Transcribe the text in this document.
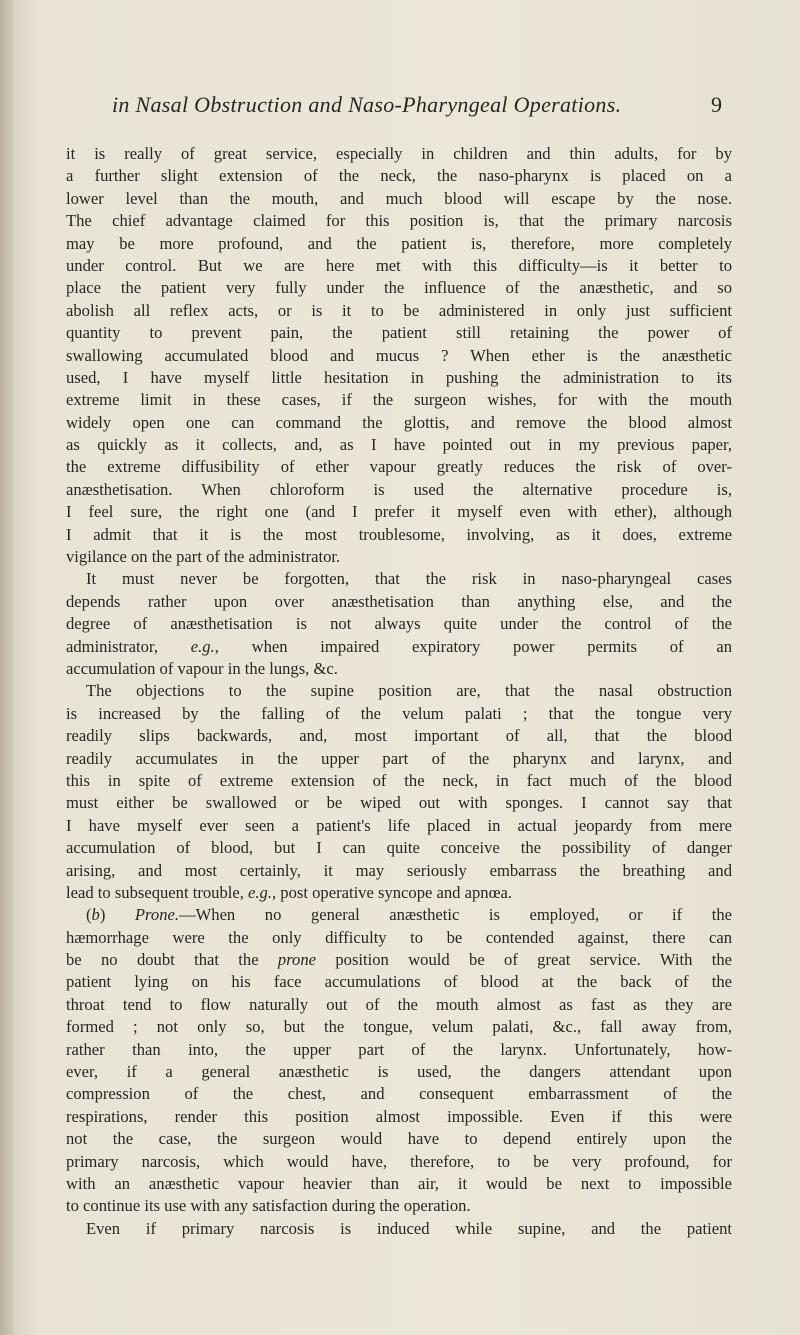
in Nasal Obstruction and Naso-Pharyngeal Operations.	9
it is really of great service, especially in children and thin adults, for by
a further slight extension of the neck, the naso-pharynx is placed on a
lower level than the mouth, and much blood will escape by the nose.
The chief advantage claimed for this position is, that the primary narcosis
may be more profound, and the patient is, therefore, more completely
under control. But we are here met with this difficulty—is it better to
place the patient very fully under the influence of the anæsthetic, and so
abolish all reflex acts, or is it to be administered in only just sufficient
quantity to prevent pain, the patient still retaining the power of
swallowing accumulated blood and mucus ? When ether is the anæsthetic
used, I have myself little hesitation in pushing the administration to its
extreme limit in these cases, if the surgeon wishes, for with the mouth
widely open one can command the glottis, and remove the blood almost
as quickly as it collects, and, as I have pointed out in my previous paper,
the extreme diffusibility of ether vapour greatly reduces the risk of over-
anæsthetisation. When chloroform is used the alternative procedure is,
I feel sure, the right one (and I prefer it myself even with ether), although
I admit that it is the most troublesome, involving, as it does, extreme
vigilance on the part of the administrator.
It must never be forgotten, that the risk in naso-pharyngeal cases
depends rather upon over anæsthetisation than anything else, and the
degree of anæsthetisation is not always quite under the control of the
administrator, e.g., when impaired expiratory power permits of an
accumulation of vapour in the lungs, &c.
The objections to the supine position are, that the nasal obstruction
is increased by the falling of the velum palati ; that the tongue very
readily slips backwards, and, most important of all, that the blood
readily accumulates in the upper part of the pharynx and larynx, and
this in spite of extreme extension of the neck, in fact much of the blood
must either be swallowed or be wiped out with sponges. I cannot say that
I have myself ever seen a patient's life placed in actual jeopardy from mere
accumulation of blood, but I can quite conceive the possibility of danger
arising, and most certainly, it may seriously embarrass the breathing and
lead to subsequent trouble, e.g., post operative syncope and apnœa.
(b) Prone.—When no general anæsthetic is employed, or if the
hæmorrhage were the only difficulty to be contended against, there can
be no doubt that the prone position would be of great service. With the
patient lying on his face accumulations of blood at the back of the
throat tend to flow naturally out of the mouth almost as fast as they are
formed ; not only so, but the tongue, velum palati, &c., fall away from,
rather than into, the upper part of the larynx. Unfortunately, how-
ever, if a general anæsthetic is used, the dangers attendant upon
compression of the chest, and consequent embarrassment of the
respirations, render this position almost impossible. Even if this were
not the case, the surgeon would have to depend entirely upon the
primary narcosis, which would have, therefore, to be very profound, for
with an anæsthetic vapour heavier than air, it would be next to impossible
to continue its use with any satisfaction during the operation.
Even if primary narcosis is induced while supine, and the patient
